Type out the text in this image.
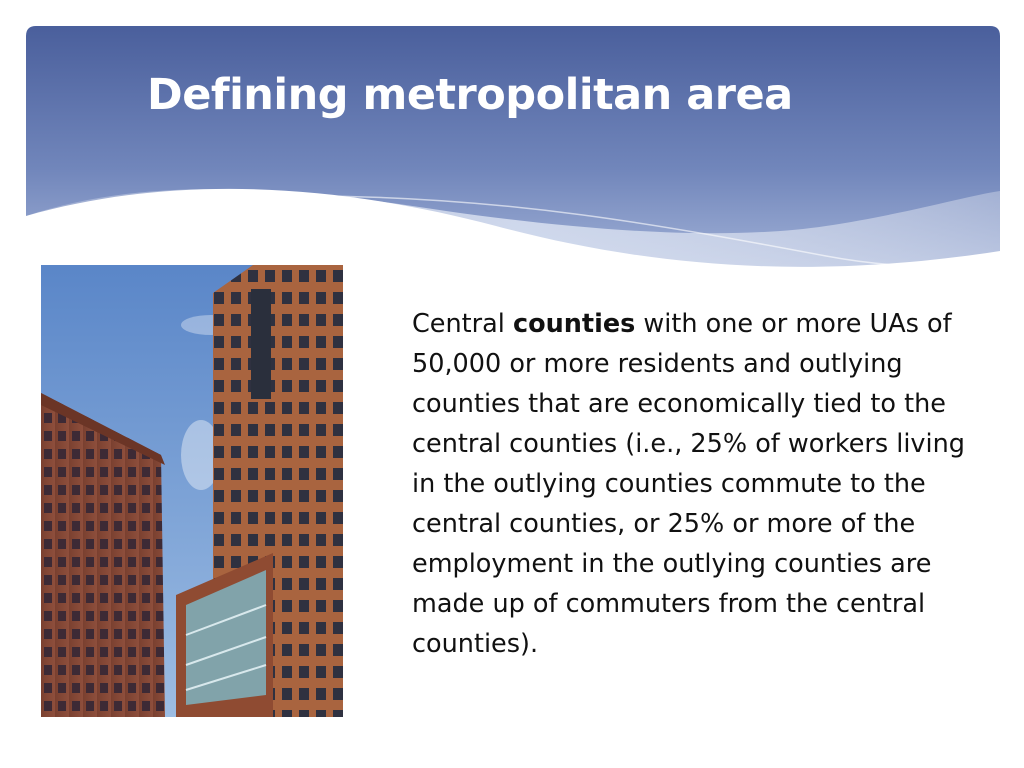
Defining metropolitan area
Central counties with one or more UAs of 50,000 or more residents and outlying counties that are economically tied to the central counties (i.e., 25% of workers living in the outlying counties commute to the central counties, or 25% or more of the employment in the outlying counties are made up of commuters from the central counties).
